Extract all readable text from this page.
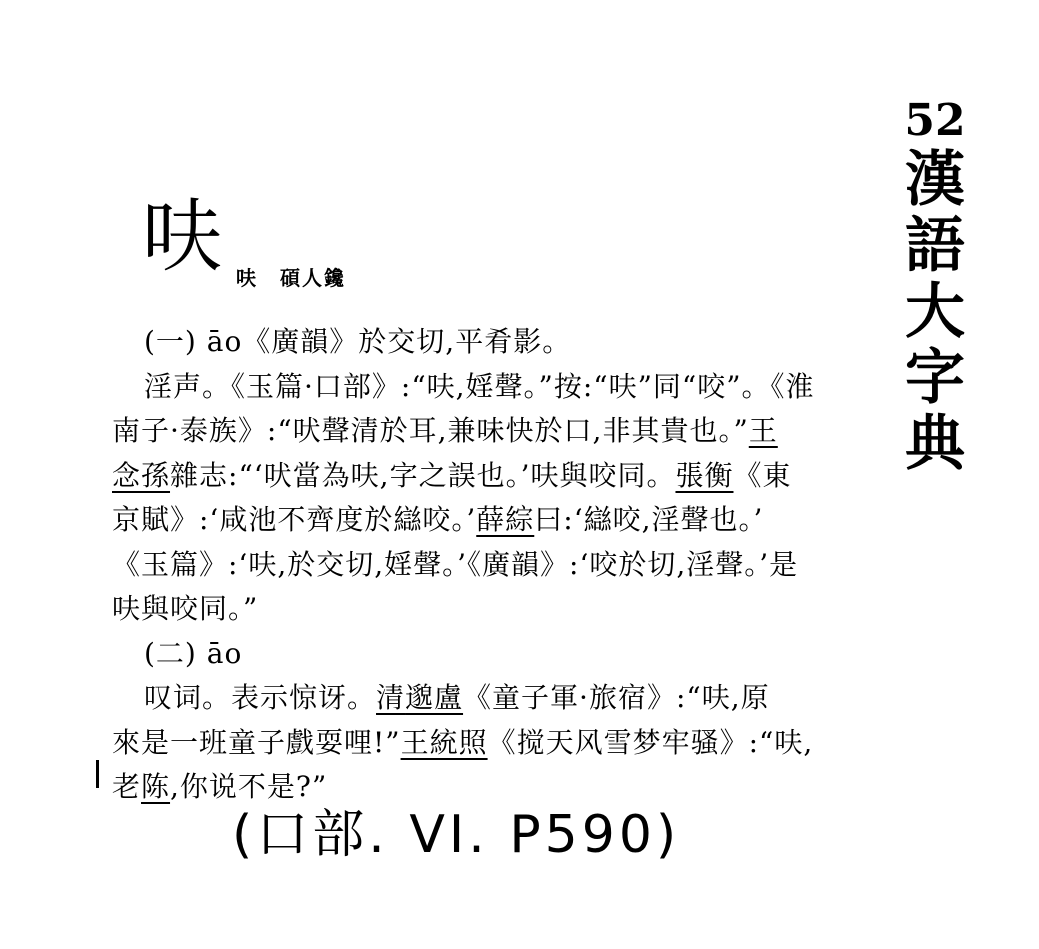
52
漢
語
大
字
典
呋 呋 碩人鑱
(一) āo《廣韻》於交切,平肴影。
淫声。《玉篇·口部》:“呋,婬聲。”按:“呋”同“咬”。《淮
南子·泰族》:“吠聲清於耳,兼味快於口,非其貴也。”王
念孫雜志:“‘吠當為呋,字之誤也。’呋與咬同。張衡《東
京賦》:‘咸池不齊度於䜌咬。’薛綜曰:‘䜌咬,淫聲也。’
《玉篇》:‘呋,於交切,婬聲。’《廣韻》:‘咬於切,淫聲。’是
呋與咬同。”
(二) āo
叹词。表示惊讶。清邈盧《童子軍·旅宿》:“呋,原
來是一班童子戲耍哩!”王統照《搅天风雪梦牢骚》:“呋,
老陈,你说不是?”
(口部. VI. P590)
